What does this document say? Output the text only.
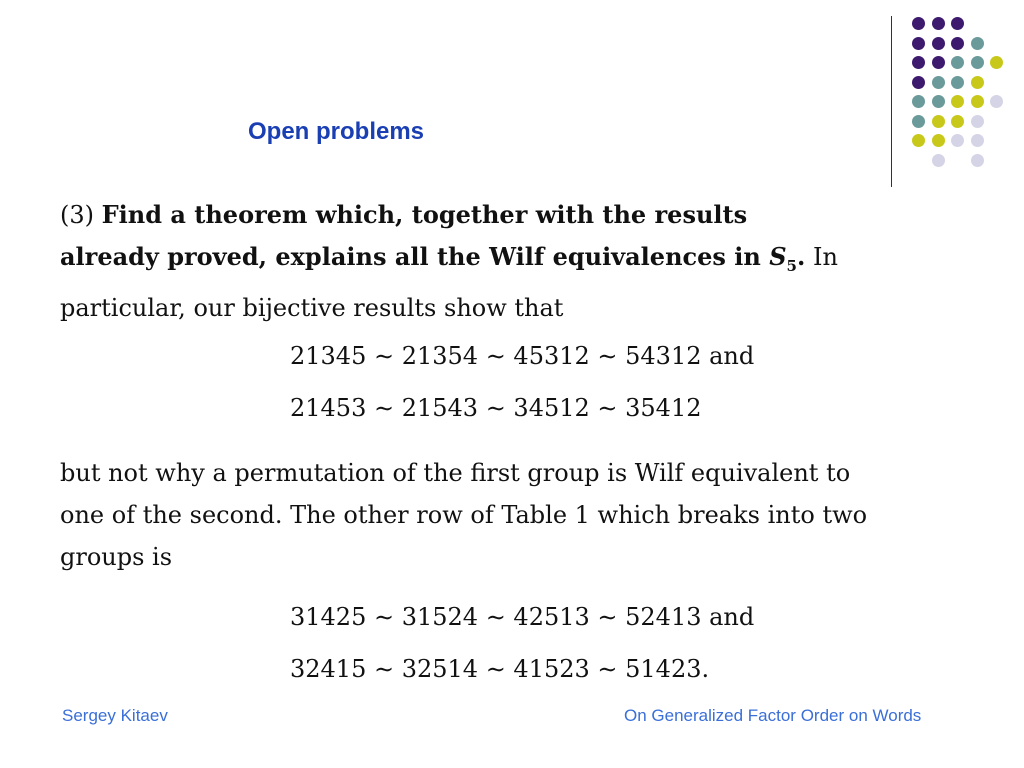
Open problems
(3) Find a theorem which, together with the results
already proved, explains all the Wilf equivalences in $S_5$. In
particular, our bijective results show that
21345 ∼ 21354 ∼ 45312 ∼ 54312 and
21453 ∼ 21543 ∼ 34512 ∼ 35412
but not why a permutation of the first group is Wilf equivalent to
one of the second. The other row of Table 1 which breaks into two
groups is
31425 ∼ 31524 ∼ 42513 ∼ 52413 and
32415 ∼ 32514 ∼ 41523 ∼ 51423.
Sergey Kitaev	On Generalized Factor Order on Words
